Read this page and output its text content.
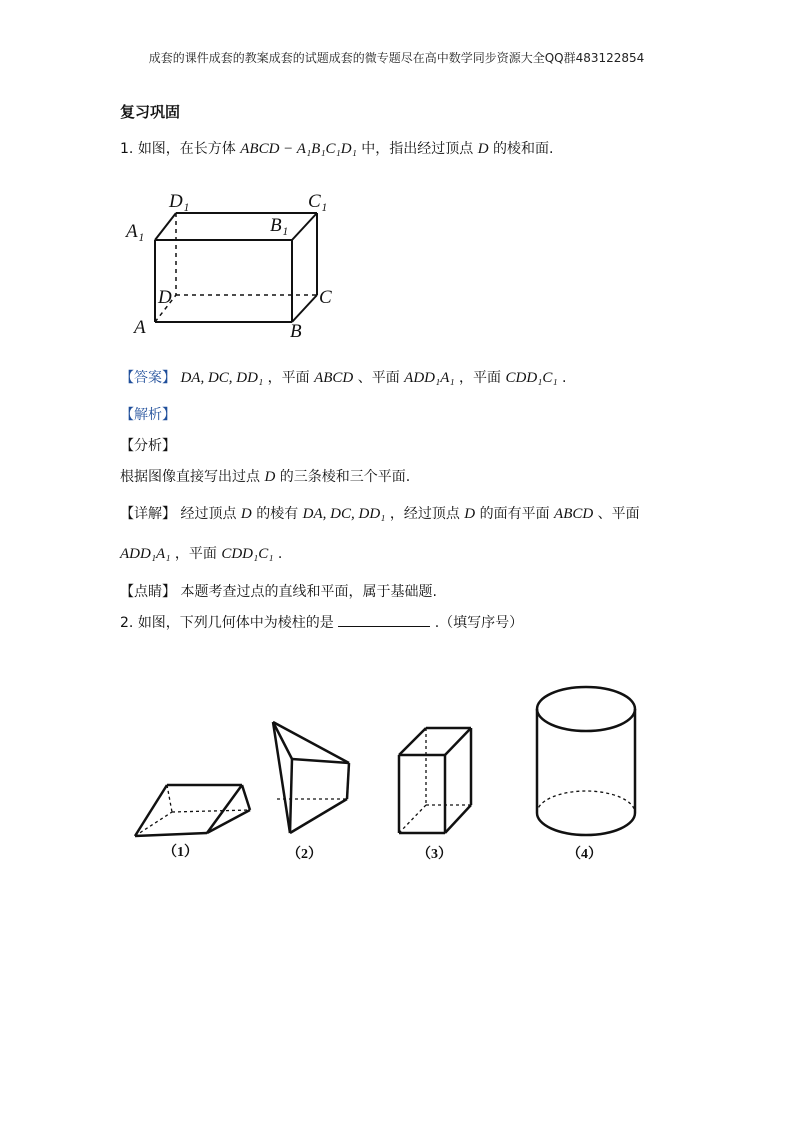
成套的课件成套的教案成套的试题成套的微专题尽在高中数学同步资源大全QQ群483122854
复习巩固
1. 如图，在长方体 ABCD − A₁B₁C₁D₁ 中，指出经过顶点 D 的棱和面.
D₁	C₁
A₁	B₁
D	C
A	B
【答案】 DA, DC, DD₁ ，平面 ABCD 、平面 ADD₁A₁ ，平面 CDD₁C₁ .
【解析】
【分析】
根据图像直接写出过点 D 的三条棱和三个平面.
【详解】 经过顶点 D 的棱有 DA, DC, DD₁ ，经过顶点 D 的面有平面 ABCD 、平面
ADD₁A₁ ，平面 CDD₁C₁ .
【点睛】 本题考查过点的直线和平面，属于基础题.
2. 如图，下列几何体中为棱柱的是	.（填写序号）
（1）	（2）	（3）	（4）
